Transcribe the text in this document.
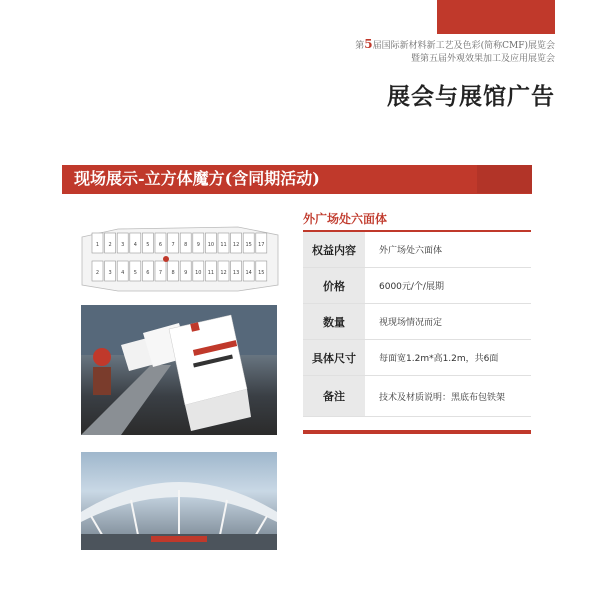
第5届国际新材料新工艺及色彩(简称CMF)展览会
暨第五届外观效果加工及应用展览会
展会与展馆广告
现场展示-立方体魔方(含同期活动)
1 2 3 4 5 6 7 8 9 10 11 12 15 17
2 3 4 5 6 7 8 9 10 11 12 13 14 15
外广场处六面体
权益内容	外广场处六面体
价格	6000元/个/展期
数量	视现场情况而定
具体尺寸	每面宽1.2m*高1.2m，共6面
备注	技术及材质说明：黑底布包铁架
